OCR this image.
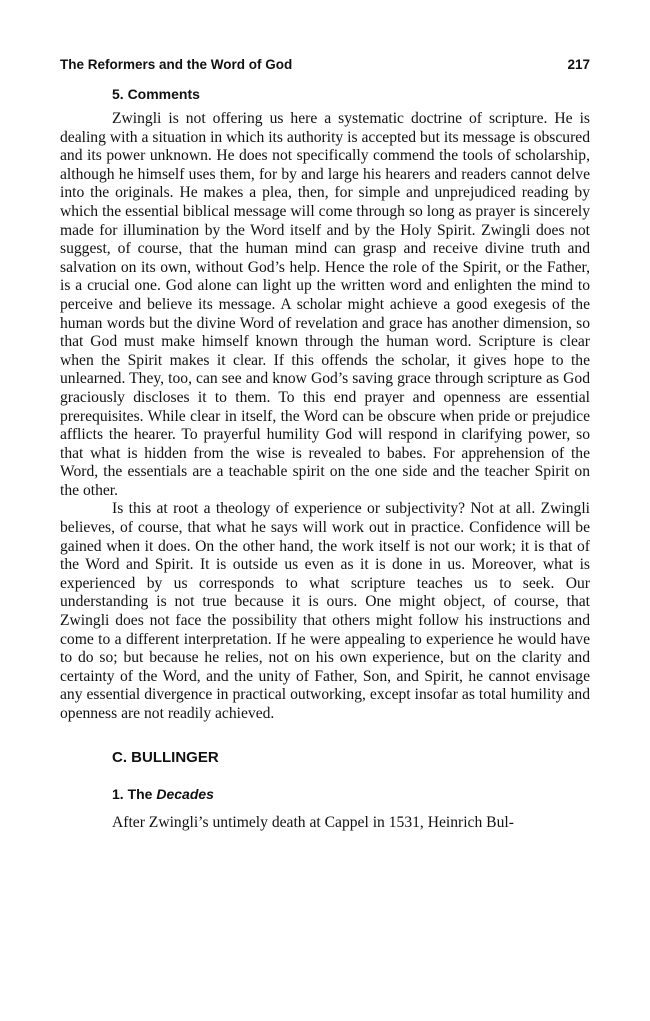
The Reformers and the Word of God	217
5. Comments

Zwingli is not offering us here a systematic doctrine of scripture. He is dealing with a situation in which its authority is accepted but its message is obscured and its power unknown. He does not specifically commend the tools of scholarship, although he himself uses them, for by and large his hearers and readers cannot delve into the originals. He makes a plea, then, for simple and unprejudiced reading by which the essential biblical message will come through so long as prayer is sincerely made for illumination by the Word itself and by the Holy Spirit. Zwingli does not suggest, of course, that the human mind can grasp and receive divine truth and salvation on its own, without God’s help. Hence the role of the Spirit, or the Father, is a crucial one. God alone can light up the written word and enlighten the mind to perceive and believe its message. A scholar might achieve a good exegesis of the human words but the divine Word of revelation and grace has another dimension, so that God must make himself known through the human word. Scripture is clear when the Spirit makes it clear. If this offends the scholar, it gives hope to the unlearned. They, too, can see and know God’s saving grace through scripture as God graciously discloses it to them. To this end prayer and openness are essential prerequisites. While clear in itself, the Word can be obscure when pride or prejudice afflicts the hearer. To prayerful humility God will respond in clarifying power, so that what is hidden from the wise is revealed to babes. For apprehension of the Word, the essentials are a teachable spirit on the one side and the teacher Spirit on the other.

Is this at root a theology of experience or subjectivity? Not at all. Zwingli believes, of course, that what he says will work out in practice. Confidence will be gained when it does. On the other hand, the work itself is not our work; it is that of the Word and Spirit. It is outside us even as it is done in us. Moreover, what is experienced by us corresponds to what scripture teaches us to seek. Our understanding is not true because it is ours. One might object, of course, that Zwingli does not face the possibility that others might follow his instructions and come to a different interpretation. If he were appealing to experience he would have to do so; but because he relies, not on his own experience, but on the clarity and certainty of the Word, and the unity of Father, Son, and Spirit, he cannot envisage any essential divergence in practical outworking, except insofar as total humility and openness are not readily achieved.

C. BULLINGER
1. The Decades
After Zwingli’s untimely death at Cappel in 1531, Heinrich Bul-
